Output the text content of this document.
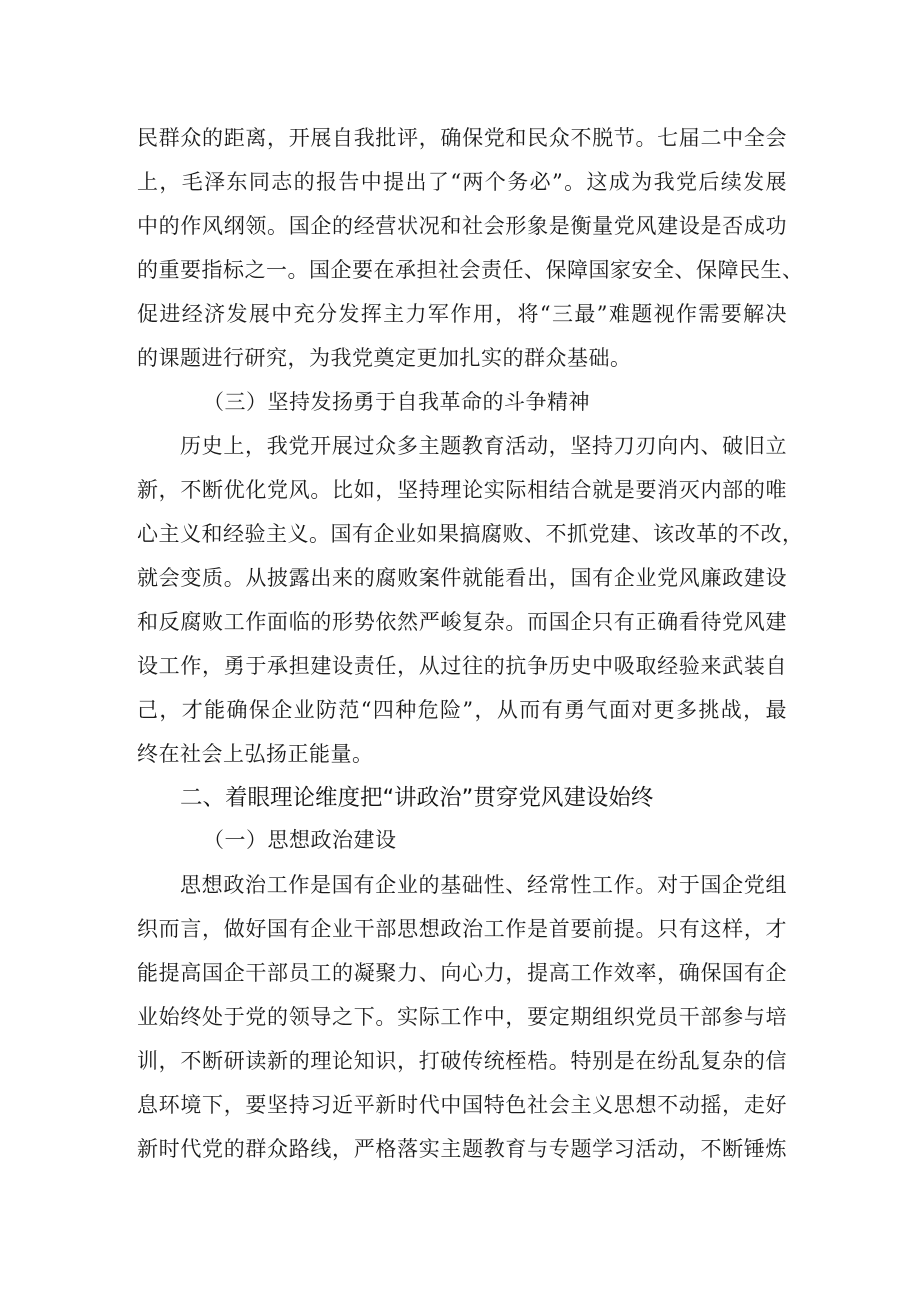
民群众的距离，开展自我批评，确保党和民众不脱节。七届二中全会
上，毛泽东同志的报告中提出了“两个务必”。这成为我党后续发展
中的作风纲领。国企的经营状况和社会形象是衡量党风建设是否成功
的重要指标之一。国企要在承担社会责任、保障国家安全、保障民生、
促进经济发展中充分发挥主力军作用，将“三最”难题视作需要解决
的课题进行研究，为我党奠定更加扎实的群众基础。
（三）坚持发扬勇于自我革命的斗争精神
历史上，我党开展过众多主题教育活动，坚持刀刃向内、破旧立
新，不断优化党风。比如，坚持理论实际相结合就是要消灭内部的唯
心主义和经验主义。国有企业如果搞腐败、不抓党建、该改革的不改，
就会变质。从披露出来的腐败案件就能看出，国有企业党风廉政建设
和反腐败工作面临的形势依然严峻复杂。而国企只有正确看待党风建
设工作，勇于承担建设责任，从过往的抗争历史中吸取经验来武装自
己，才能确保企业防范“四种危险”，从而有勇气面对更多挑战，最
终在社会上弘扬正能量。
二、着眼理论维度把“讲政治”贯穿党风建设始终
（一）思想政治建设
思想政治工作是国有企业的基础性、经常性工作。对于国企党组
织而言，做好国有企业干部思想政治工作是首要前提。只有这样，才
能提高国企干部员工的凝聚力、向心力，提高工作效率，确保国有企
业始终处于党的领导之下。实际工作中，要定期组织党员干部参与培
训，不断研读新的理论知识，打破传统桎梏。特别是在纷乱复杂的信
息环境下，要坚持习近平新时代中国特色社会主义思想不动摇，走好
新时代党的群众路线，严格落实主题教育与专题学习活动，不断锤炼
